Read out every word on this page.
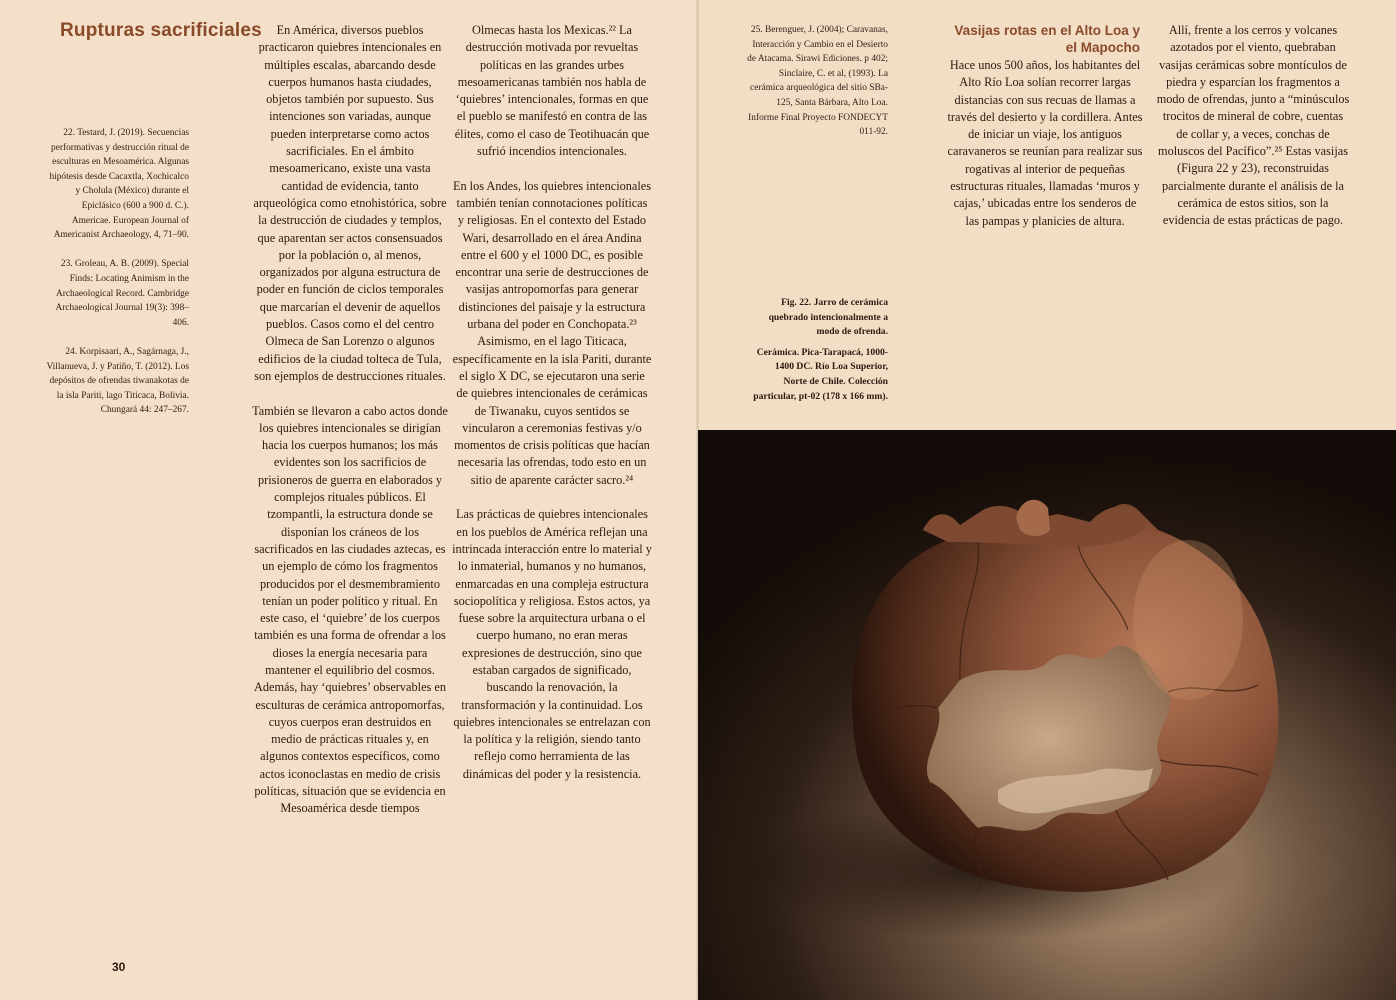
Rupturas sacrificiales

22. Testard, J. (2019). Secuencias performativas y destrucción ritual de esculturas en Mesoamérica. Algunas hipótesis desde Cacaxtla, Xochicalco y Cholula (México) durante el Epiclásico (600 a 900 d. C.). Americae. European Journal of Americanist Archaeology, 4, 71–90.

23. Groleau, A. B. (2009). Special Finds: Locating Animism in the Archaeological Record. Cambridge Archaeological Journal 19(3): 398–406.

24. Korpisaari, A., Sagárnaga, J., Villanueva, J. y Patiño, T. (2012). Los depósitos de ofrendas tiwanakotas de la isla Pariti, lago Titicaca, Bolivia. Chungará 44: 247–267.

En América, diversos pueblos practicaron quiebres intencionales en múltiples escalas, abarcando desde cuerpos humanos hasta ciudades, objetos también por supuesto. Sus intenciones son variadas, aunque pueden interpretarse como actos sacrificiales. En el ámbito mesoamericano, existe una vasta cantidad de evidencia, tanto arqueológica como etnohistórica, sobre la destrucción de ciudades y templos, que aparentan ser actos consensuados por la población o, al menos, organizados por alguna estructura de poder en función de ciclos temporales que marcarían el devenir de aquellos pueblos. Casos como el del centro Olmeca de San Lorenzo o algunos edificios de la ciudad tolteca de Tula, son ejemplos de destrucciones rituales.

También se llevaron a cabo actos donde los quiebres intencionales se dirigían hacia los cuerpos humanos; los más evidentes son los sacrificios de prisioneros de guerra en elaborados y complejos rituales públicos. El tzompantli, la estructura donde se disponían los cráneos de los sacrificados en las ciudades aztecas, es un ejemplo de cómo los fragmentos producidos por el desmembramiento tenían un poder político y ritual. En este caso, el ‘quiebre’ de los cuerpos también es una forma de ofrendar a los dioses la energía necesaria para mantener el equilibrio del cosmos. Además, hay ‘quiebres’ observables en esculturas de cerámica antropomorfas, cuyos cuerpos eran destruidos en medio de prácticas rituales y, en algunos contextos específicos, como actos iconoclastas en medio de crisis políticas, situación que se evidencia en Mesoamérica desde tiempos

Olmecas hasta los Mexicas.²² La destrucción motivada por revueltas políticas en las grandes urbes mesoamericanas también nos habla de ‘quiebres’ intencionales, formas en que el pueblo se manifestó en contra de las élites, como el caso de Teotihuacán que sufrió incendios intencionales.

En los Andes, los quiebres intencionales también tenían connotaciones políticas y religiosas. En el contexto del Estado Wari, desarrollado en el área Andina entre el 600 y el 1000 DC, es posible encontrar una serie de destrucciones de vasijas antropomorfas para generar distinciones del paisaje y la estructura urbana del poder en Conchopata.²³ Asimismo, en el lago Titicaca, específicamente en la isla Pariti, durante el siglo X DC, se ejecutaron una serie de quiebres intencionales de cerámicas de Tiwanaku, cuyos sentidos se vincularon a ceremonias festivas y/o momentos de crisis políticas que hacían necesaria las ofrendas, todo esto en un sitio de aparente carácter sacro.²⁴

Las prácticas de quiebres intencionales en los pueblos de América reflejan una intrincada interacción entre lo material y lo inmaterial, humanos y no humanos, enmarcadas en una compleja estructura sociopolítica y religiosa. Estos actos, ya fuese sobre la arquitectura urbana o el cuerpo humano, no eran meras expresiones de destrucción, sino que estaban cargados de significado, buscando la renovación, la transformación y la continuidad. Los quiebres intencionales se entrelazan con la política y la religión, siendo tanto reflejo como herramienta de las dinámicas del poder y la resistencia.

30

25. Berenguer, J. (2004); Caravanas, Interacción y Cambio en el Desierto de Atacama. Sirawi Ediciones. p 402; Sinclaire, C. et al, (1993). La cerámica arqueológica del sitio SBa-125, Santa Bárbara, Alto Loa. Informe Final Proyecto FONDECYT 011-92.

Vasijas rotas en el Alto Loa y el Mapocho

Hace unos 500 años, los habitantes del Alto Río Loa solían recorrer largas distancias con sus recuas de llamas a través del desierto y la cordillera. Antes de iniciar un viaje, los antiguos caravaneros se reunían para realizar sus rogativas al interior de pequeñas estructuras rituales, llamadas ‘muros y cajas,’ ubicadas entre los senderos de las pampas y planicies de altura.

Allí, frente a los cerros y volcanes azotados por el viento, quebraban vasijas cerámicas sobre montículos de piedra y esparcían los fragmentos a modo de ofrendas, junto a “minúsculos trocitos de mineral de cobre, cuentas de collar y, a veces, conchas de moluscos del Pacífico”.²⁵ Estas vasijas (Figura 22 y 23), reconstruidas parcialmente durante el análisis de la cerámica de estos sitios, son la evidencia de estas prácticas de pago.

Fig. 22. Jarro de cerámica quebrado intencionalmente a modo de ofrenda.

Cerámica. Pica-Tarapacá, 1000-1400 DC. Río Loa Superior, Norte de Chile. Colección particular, pt-02 (178 x 166 mm).
